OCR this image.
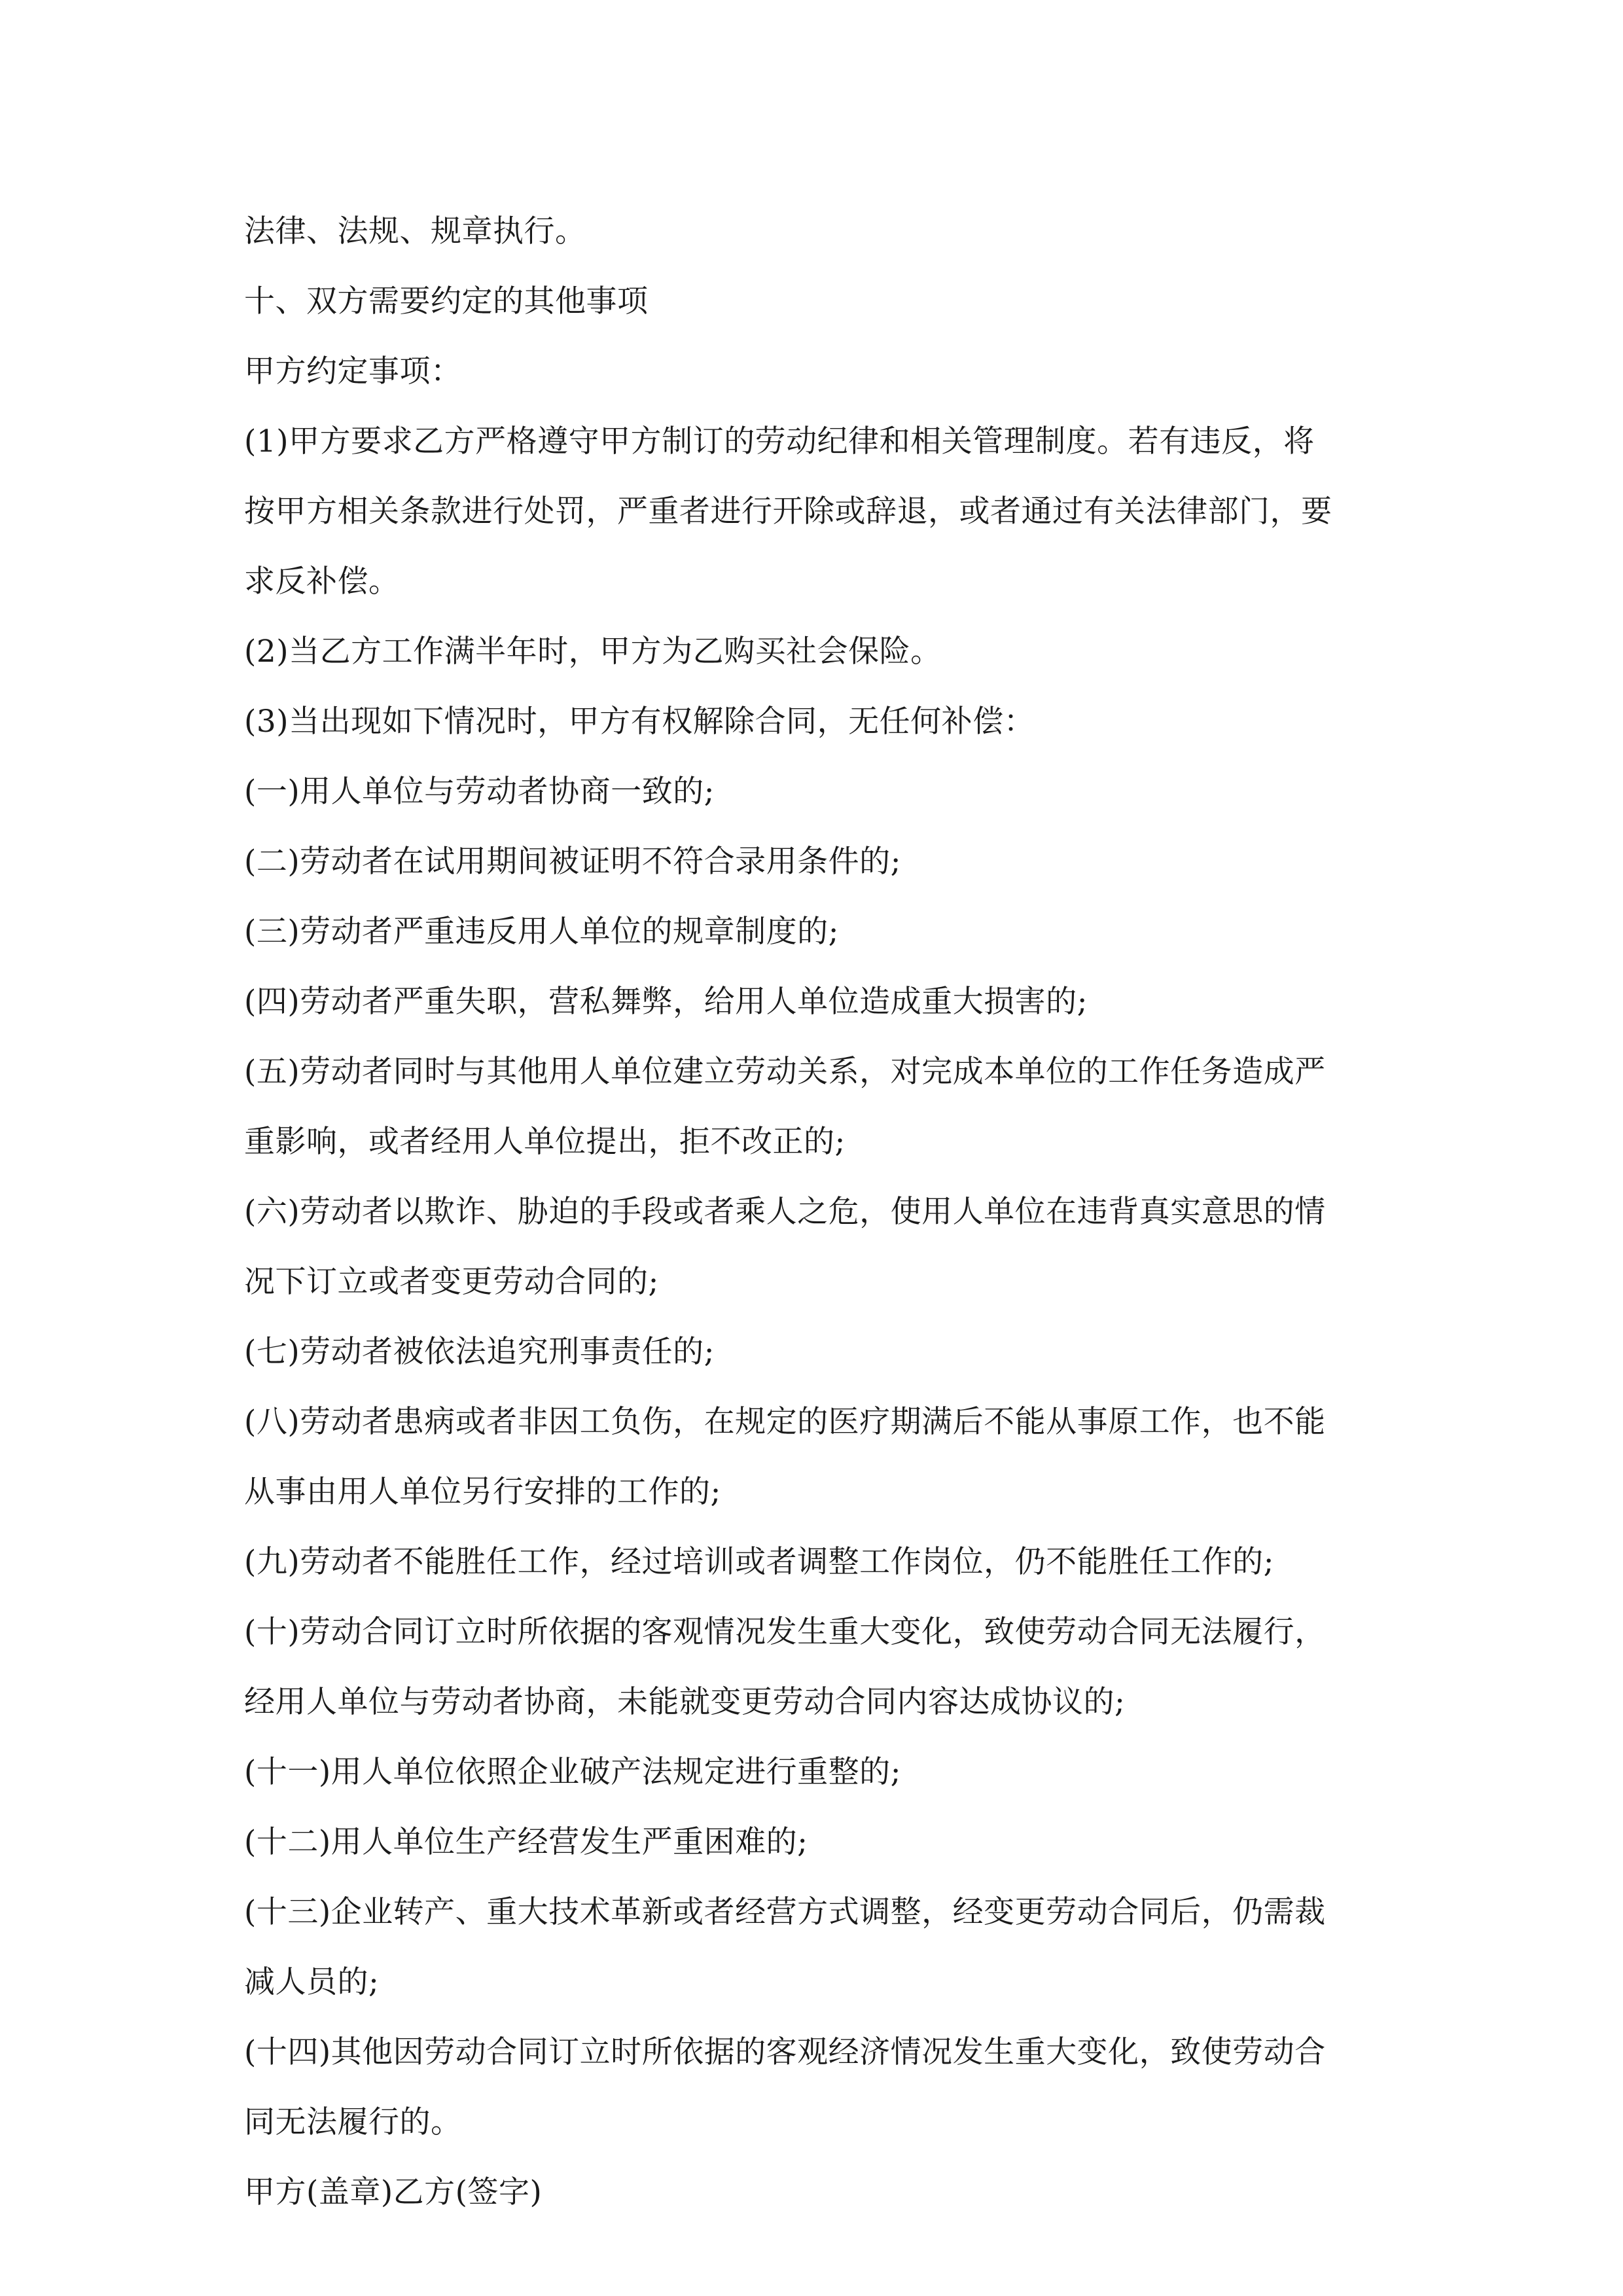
法律、法规、规章执行。
十、双方需要约定的其他事项
甲方约定事项：
(1)甲方要求乙方严格遵守甲方制订的劳动纪律和相关管理制度。若有违反，将
按甲方相关条款进行处罚，严重者进行开除或辞退，或者通过有关法律部门，要
求反补偿。
(2)当乙方工作满半年时，甲方为乙购买社会保险。
(3)当出现如下情况时，甲方有权解除合同，无任何补偿：
(一)用人单位与劳动者协商一致的;
(二)劳动者在试用期间被证明不符合录用条件的;
(三)劳动者严重违反用人单位的规章制度的;
(四)劳动者严重失职，营私舞弊，给用人单位造成重大损害的;
(五)劳动者同时与其他用人单位建立劳动关系，对完成本单位的工作任务造成严
重影响，或者经用人单位提出，拒不改正的;
(六)劳动者以欺诈、胁迫的手段或者乘人之危，使用人单位在违背真实意思的情
况下订立或者变更劳动合同的;
(七)劳动者被依法追究刑事责任的;
(八)劳动者患病或者非因工负伤，在规定的医疗期满后不能从事原工作，也不能
从事由用人单位另行安排的工作的;
(九)劳动者不能胜任工作，经过培训或者调整工作岗位，仍不能胜任工作的;
(十)劳动合同订立时所依据的客观情况发生重大变化，致使劳动合同无法履行，
经用人单位与劳动者协商，未能就变更劳动合同内容达成协议的;
(十一)用人单位依照企业破产法规定进行重整的;
(十二)用人单位生产经营发生严重困难的;
(十三)企业转产、重大技术革新或者经营方式调整，经变更劳动合同后，仍需裁
减人员的;
(十四)其他因劳动合同订立时所依据的客观经济情况发生重大变化，致使劳动合
同无法履行的。
甲方(盖章)乙方(签字)
